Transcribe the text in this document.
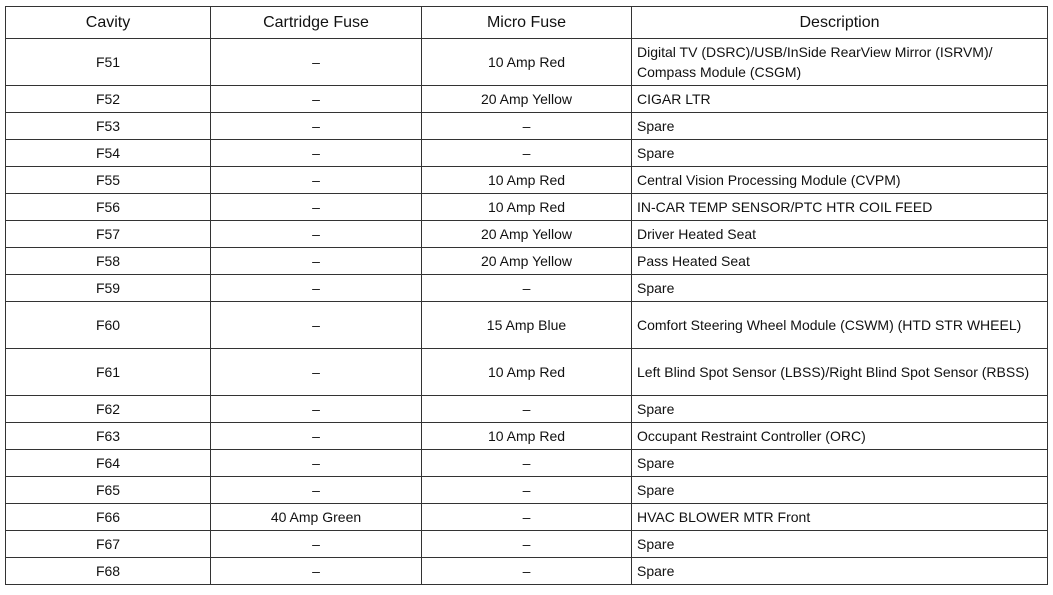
Cavity	Cartridge Fuse	Micro Fuse	Description
F51	–	10 Amp Red	Digital TV (DSRC)/USB/InSide RearView Mirror (ISRVM)/ Compass Module (CSGM)
F52	–	20 Amp Yellow	CIGAR LTR
F53	–	–	Spare
F54	–	–	Spare
F55	–	10 Amp Red	Central Vision Processing Module (CVPM)
F56	–	10 Amp Red	IN-CAR TEMP SENSOR/PTC HTR COIL FEED
F57	–	20 Amp Yellow	Driver Heated Seat
F58	–	20 Amp Yellow	Pass Heated Seat
F59	–	–	Spare
F60	–	15 Amp Blue	Comfort Steering Wheel Module (CSWM) (HTD STR WHEEL)
F61	–	10 Amp Red	Left Blind Spot Sensor (LBSS)/Right Blind Spot Sensor (RBSS)
F62	–	–	Spare
F63	–	10 Amp Red	Occupant Restraint Controller (ORC)
F64	–	–	Spare
F65	–	–	Spare
F66	40 Amp Green	–	HVAC BLOWER MTR Front
F67	–	–	Spare
F68	–	–	Spare
